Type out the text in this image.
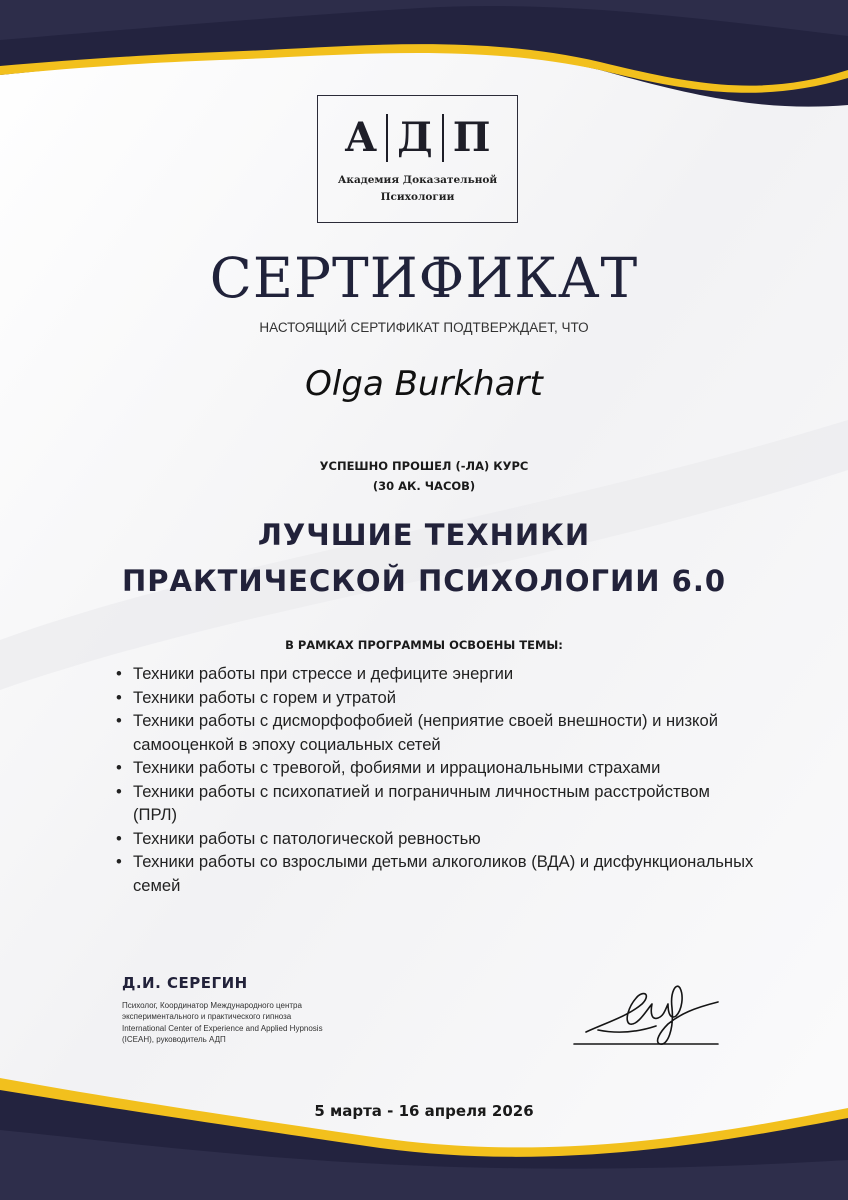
А Д П
Академия Доказательной
Психологии
СЕРТИФИКАТ
НАСТОЯЩИЙ СЕРТИФИКАТ ПОДТВЕРЖДАЕТ, ЧТО
Olga Burkhart
УСПЕШНО ПРОШЕЛ (-ЛА) КУРС
(30 АК. ЧАСОВ)
ЛУЧШИЕ ТЕХНИКИ
ПРАКТИЧЕСКОЙ ПСИХОЛОГИИ 6.0
В РАМКАХ ПРОГРАММЫ ОСВОЕНЫ ТЕМЫ:
• Техники работы при стрессе и дефиците энергии
• Техники работы с горем и утратой
• Техники работы с дисморфофобией (неприятие своей внешности) и низкой самооценкой в эпоху социальных сетей
• Техники работы с тревогой, фобиями и иррациональными страхами
• Техники работы с психопатией и пограничным личностным расстройством (ПРЛ)
• Техники работы с патологической ревностью
• Техники работы со взрослыми детьми алкоголиков (ВДА) и дисфункциональных семей
Д.И. СЕРЕГИН
Психолог, Координатор Международного центра экспериментального и практического гипноза International Center of Experience and Applied Hypnosis (ICEAH), руководитель АДП
5 марта - 16 апреля 2026
